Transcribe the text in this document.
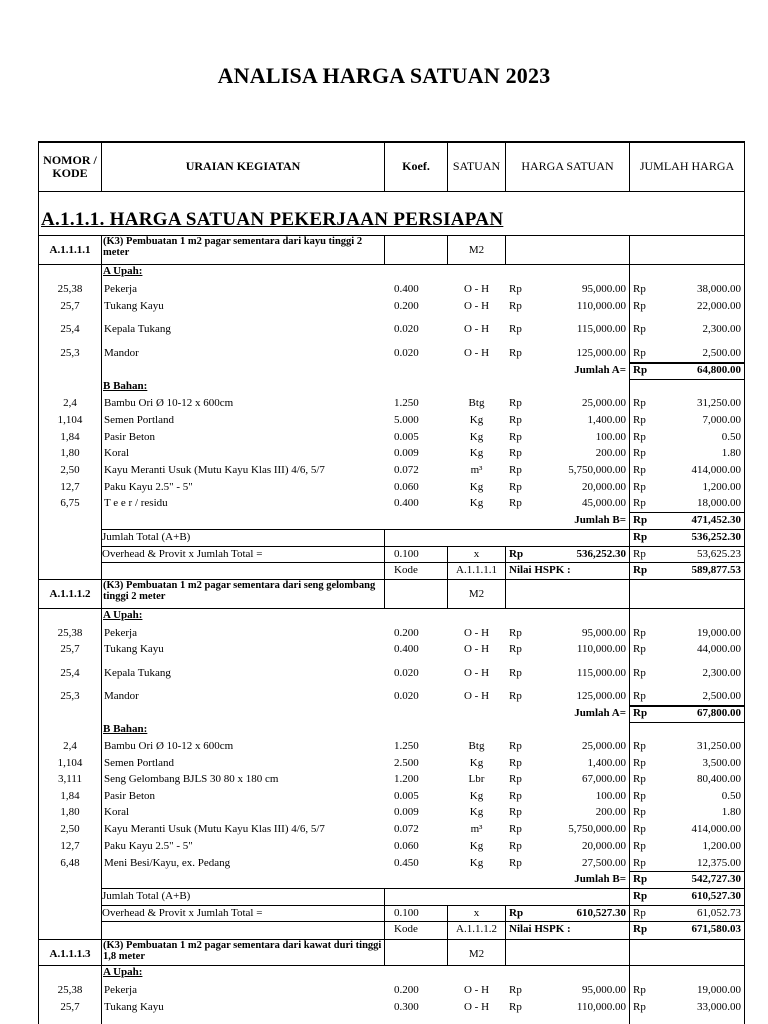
ANALISA HARGA SATUAN 2023
NOMOR / KODE	URAIAN KEGIATAN	Koef.	SATUAN	HARGA SATUAN	JUMLAH HARGA
A.1.1.1. HARGA SATUAN PEKERJAAN PERSIAPAN
A.1.1.1.1
(K3) Pembuatan 1 m2 pagar sementara dari kayu tinggi 2 meter	M2
A Upah:
25,38	Pekerja	0.400	O - H	Rp	95,000.00 Rp	38,000.00
25,7	Tukang Kayu	0.200	O - H	Rp	110,000.00 Rp	22,000.00
25,4	Kepala Tukang	0.020	O - H	Rp	115,000.00 Rp	2,300.00
25,3	Mandor	0.020	O - H	Rp	125,000.00 Rp	2,500.00
Jumlah A= Rp	64,800.00
B Bahan:
2,4	Bambu Ori Ø 10-12 x 600cm	1.250	Btg	Rp	25,000.00 Rp	31,250.00
1,104	Semen Portland	5.000	Kg	Rp	1,400.00 Rp	7,000.00
1,84	Pasir Beton	0.005	Kg	Rp	100.00 Rp	0.50
1,80	Koral	0.009	Kg	Rp	200.00 Rp	1.80
2,50	Kayu Meranti Usuk (Mutu Kayu Klas III) 4/6, 5/7	0.072	m³	Rp	5,750,000.00 Rp	414,000.00
12,7	Paku Kayu 2.5" - 5"	0.060	Kg	Rp	20,000.00 Rp	1,200.00
6,75	T e e r / residu	0.400	Kg	Rp	45,000.00 Rp	18,000.00
Jumlah B= Rp	471,452.30
Jumlah Total (A+B)	Rp	536,252.30
Overhead & Provit x Jumlah Total =	0.100	x	Rp	536,252.30 Rp	53,625.23
Kode	A.1.1.1.1	Nilai HSPK :	Rp	589,877.53
A.1.1.1.2
(K3) Pembuatan 1 m2 pagar sementara dari seng gelombang tinggi 2 meter	M2
A Upah:
25,38	Pekerja	0.200	O - H	Rp	95,000.00 Rp	19,000.00
25,7	Tukang Kayu	0.400	O - H	Rp	110,000.00 Rp	44,000.00
25,4	Kepala Tukang	0.020	O - H	Rp	115,000.00 Rp	2,300.00
25,3	Mandor	0.020	O - H	Rp	125,000.00 Rp	2,500.00
Jumlah A= Rp	67,800.00
B Bahan:
2,4	Bambu Ori Ø 10-12 x 600cm	1.250	Btg	Rp	25,000.00 Rp	31,250.00
1,104	Semen Portland	2.500	Kg	Rp	1,400.00 Rp	3,500.00
3,111	Seng Gelombang BJLS 30 80 x 180 cm	1.200	Lbr	Rp	67,000.00 Rp	80,400.00
1,84	Pasir Beton	0.005	Kg	Rp	100.00 Rp	0.50
1,80	Koral	0.009	Kg	Rp	200.00 Rp	1.80
2,50	Kayu Meranti Usuk (Mutu Kayu Klas III) 4/6, 5/7	0.072	m³	Rp	5,750,000.00 Rp	414,000.00
12,7	Paku Kayu 2.5" - 5"	0.060	Kg	Rp	20,000.00 Rp	1,200.00
6,48	Meni Besi/Kayu, ex. Pedang	0.450	Kg	Rp	27,500.00 Rp	12,375.00
Jumlah B= Rp	542,727.30
Jumlah Total (A+B)	Rp	610,527.30
Overhead & Provit x Jumlah Total =	0.100	x	Rp	610,527.30 Rp	61,052.73
Kode	A.1.1.1.2	Nilai HSPK :	Rp	671,580.03
A.1.1.1.3
(K3) Pembuatan 1 m2 pagar sementara dari kawat duri tinggi 1,8 meter	M2
A Upah:
25,38	Pekerja	0.200	O - H	Rp	95,000.00 Rp	19,000.00
25,7	Tukang Kayu	0.300	O - H	Rp	110,000.00 Rp	33,000.00
